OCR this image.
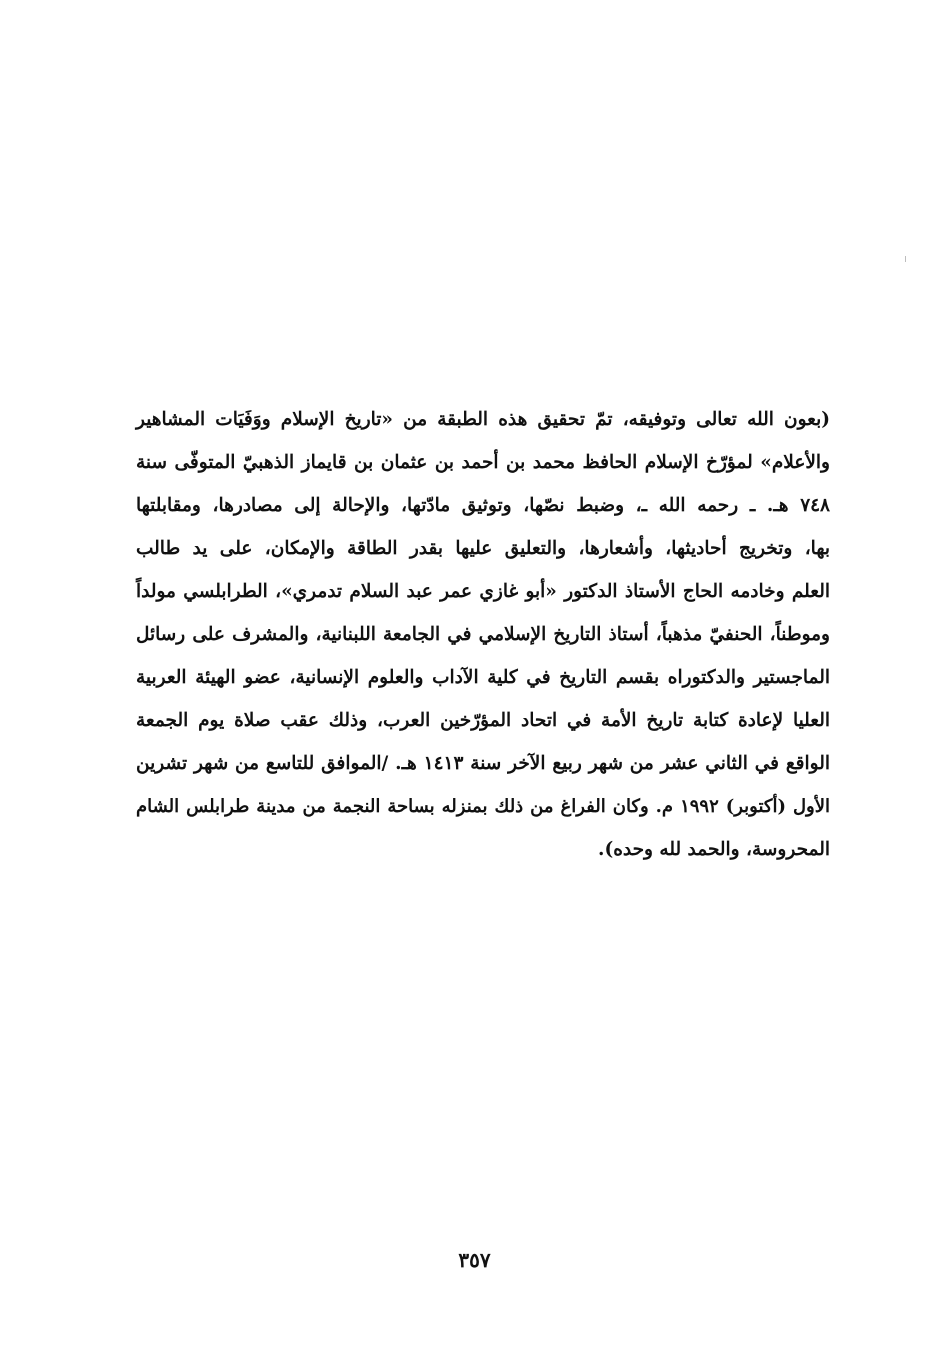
(بعون الله تعالى وتوفيقه، تمّ تحقيق هذه الطبقة من «تاريخ الإسلام ووَفَيَات المشاهير
والأعلام» لمؤرّخ الإسلام الحافظ محمد بن أحمد بن عثمان بن قايماز الذهبيّ المتوفّى سنة
٧٤٨ هـ. ـ رحمه الله ـ، وضبط نصّها، وتوثيق مادّتها، والإحالة إلى مصادرها، ومقابلتها
بها، وتخريج أحاديثها، وأشعارها، والتعليق عليها بقدر الطاقة والإمكان، على يد طالب
العلم وخادمه الحاج الأستاذ الدكتور «أبو غازي عمر عبد السلام تدمري»، الطرابلسي مولداً
وموطناً، الحنفيّ مذهباً، أستاذ التاريخ الإسلامي في الجامعة اللبنانية، والمشرف على رسائل
الماجستير والدكتوراه بقسم التاريخ في كلية الآداب والعلوم الإنسانية، عضو الهيئة العربية
العليا لإعادة كتابة تاريخ الأمة في اتحاد المؤرّخين العرب، وذلك عقب صلاة يوم الجمعة
الواقع في الثاني عشر من شهر ربيع الآخر سنة ١٤١٣ هـ. /الموافق للتاسع من شهر تشرين
الأول (أكتوبر) ١٩٩٢ م. وكان الفراغ من ذلك بمنزله بساحة النجمة من مدينة طرابلس الشام
المحروسة، والحمد لله وحده).
٣٥٧
